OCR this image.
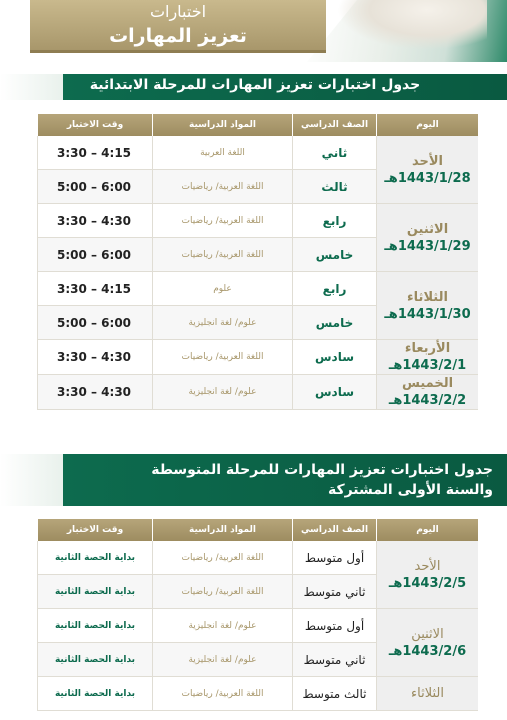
اختبارات
تعزيز المهارات
جدول اختبارات تعزيز المهارات للمرحلة الابتدائية
اليوم	الصف الدراسي	المواد الدراسية	وقت الاختبار

الأحد
1443/1/28هـ	ثاني	اللغة العربية	3:30 – 4:15
	ثالث	اللغة العربية/ رياضيات	5:00 – 6:00

الاثنين
1443/1/29هـ	رابع	اللغة العربية/ رياضيات	3:30 – 4:30
	خامس	اللغة العربية/ رياضيات	5:00 – 6:00

الثلاثاء
1443/1/30هـ	رابع	علوم	3:30 – 4:15
	خامس	علوم/ لغة انجليزية	5:00 – 6:00

الأربعاء
1443/2/1هـ	سادس	اللغة العربية/ رياضيات	3:30 – 4:30

الخميس
1443/2/2هـ	سادس	علوم/ لغة انجليزية	3:30 – 4:30
جدول اختبارات تعزيز المهارات للمرحلة المتوسطة
والسنة الأولى المشتركة
اليوم	الصف الدراسي	المواد الدراسية	وقت الاختبار

الأحد
1443/2/5هـ	أول متوسط	اللغة العربية/ رياضيات	بداية الحصة الثانية
	ثاني متوسط	اللغة العربية/ رياضيات	بداية الحصة الثانية

الاثنين
1443/2/6هـ	أول متوسط	علوم/ لغة انجليزية	بداية الحصة الثانية
	ثاني متوسط	علوم/ لغة انجليزية	بداية الحصة الثانية

الثلاثاء	ثالث متوسط	اللغة العربية/ رياضيات	بداية الحصة الثانية
